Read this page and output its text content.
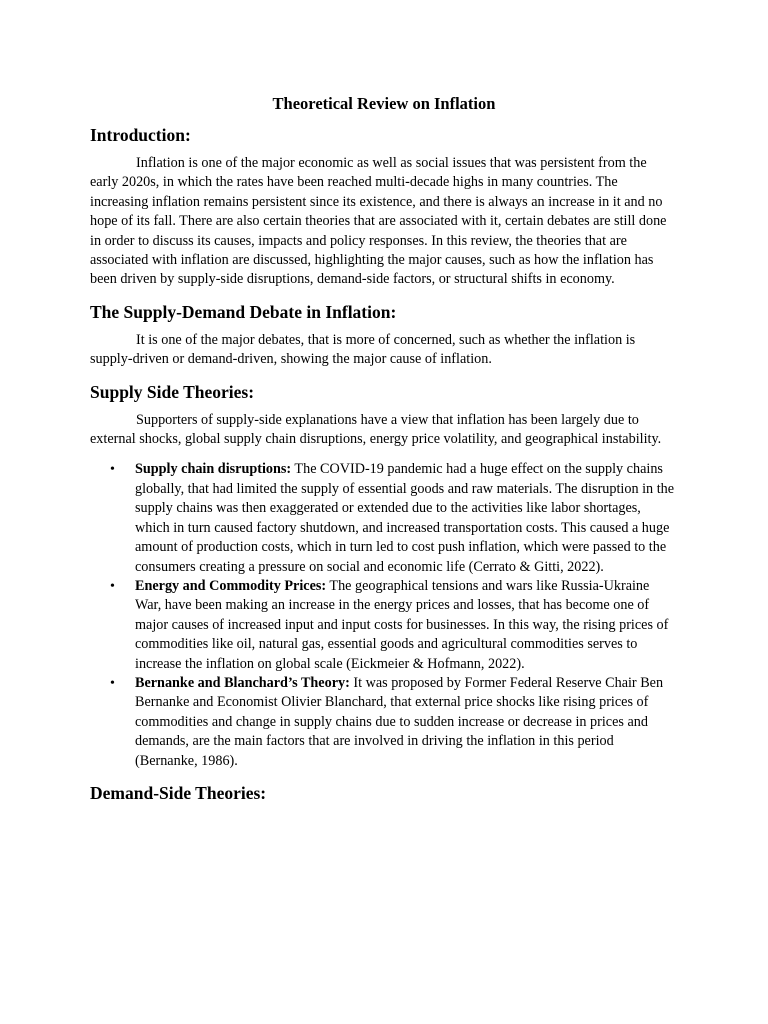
Theoretical Review on Inflation
Introduction:

Inflation is one of the major economic as well as social issues that was persistent from the early 2020s, in which the rates have been reached multi-decade highs in many countries. The increasing inflation remains persistent since its existence, and there is always an increase in it and no hope of its fall. There are also certain theories that are associated with it, certain debates are still done in order to discuss its causes, impacts and policy responses. In this review, the theories that are associated with inflation are discussed, highlighting the major causes, such as how the inflation has been driven by supply-side disruptions, demand-side factors, or structural shifts in economy.

The Supply-Demand Debate in Inflation:

It is one of the major debates, that is more of concerned, such as whether the inflation is supply-driven or demand-driven, showing the major cause of inflation.

Supply Side Theories:

Supporters of supply-side explanations have a view that inflation has been largely due to external shocks, global supply chain disruptions, energy price volatility, and geographical instability.

• Supply chain disruptions: The COVID-19 pandemic had a huge effect on the supply chains globally, that had limited the supply of essential goods and raw materials. The disruption in the supply chains was then exaggerated or extended due to the activities like labor shortages, which in turn caused factory shutdown, and increased transportation costs. This caused a huge amount of production costs, which in turn led to cost push inflation, which were passed to the consumers creating a pressure on social and economic life (Cerrato & Gitti, 2022).
• Energy and Commodity Prices: The geographical tensions and wars like Russia-Ukraine War, have been making an increase in the energy prices and losses, that has become one of major causes of increased input and input costs for businesses. In this way, the rising prices of commodities like oil, natural gas, essential goods and agricultural commodities serves to increase the inflation on global scale (Eickmeier & Hofmann, 2022).
• Bernanke and Blanchard’s Theory: It was proposed by Former Federal Reserve Chair Ben Bernanke and Economist Olivier Blanchard, that external price shocks like rising prices of commodities and change in supply chains due to sudden increase or decrease in prices and demands, are the main factors that are involved in driving the inflation in this period (Bernanke, 1986).
Demand-Side Theories:
